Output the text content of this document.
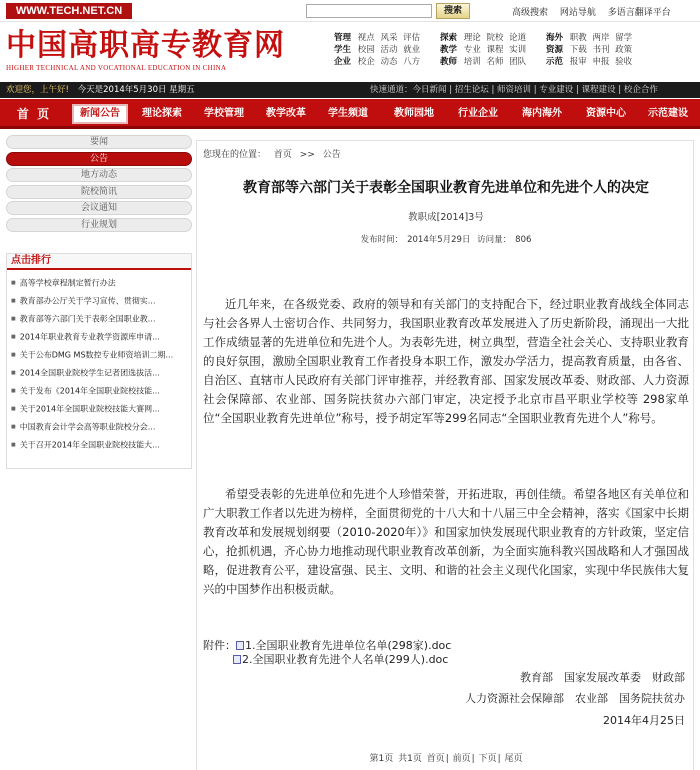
WWW.TECH.NET.CN	搜索	高级搜索 网站导航 多语言翻译平台
中国高职高专教育网
HIGHER TECHNICAL AND VOCATIONAL EDUCATION IN CHINA
管理 视点 风采 评估	探索 理论 院校 论道	海外 职教 两岸 留学
学生 校园 活动 就业	教学 专业 课程 实训	资源 下载 书刊 政策
企业 校企 动态 八方	教师 培训 名师 团队	示范 报审 申报 验收
欢迎您，上午好! 今天是2014年5月30日 星期五	快速通道：今日新闻 | 招生论坛 | 师资培训 | 专业建设 | 课程建设 | 校企合作
首 页	新闻公告	理论探索	学校管理	教学改革	学生频道	教师园地	行业企业	海内海外	资源中心	示范建设
要闻
公告
地方动态
院校简讯
会议通知
行业规划
点击排行
■ 高等学校章程制定暂行办法
■ 教育部办公厅关于学习宣传、贯彻实...
■ 教育部等六部门关于表彰全国职业教...
■ 2014年职业教育专业教学资源库申请...
■ 关于公布DMG MS数控专业师资培训二期...
■ 2014全国职业院校学生记者团选拔活...
■ 关于发布《2014年全国职业院校技能...
■ 关于2014年全国职业院校技能大赛网...
■ 中国教育会计学会高等职业院校分会...
■ 关于召开2014年全国职业院校技能大...
您现在的位置： 首页 >> 公告
教育部等六部门关于表彰全国职业教育先进单位和先进个人的决定
教职成[2014]3号
发布时间： 2014年5月29日 访问量： 806

近几年来，在各级党委、政府的领导和有关部门的支持配合下，经过职业教育战线全体同志与社会各界人士密切合作、共同努力，我国职业教育改革发展进入了历史新阶段，涌现出一大批工作成绩显著的先进单位和先进个人。为表彰先进，树立典型，营造全社会关心、支持职业教育的良好氛围，激励全国职业教育工作者投身本职工作，激发办学活力，提高教育质量，由各省、自治区、直辖市人民政府有关部门评审推荐，并经教育部、国家发展改革委、财政部、人力资源社会保障部、农业部、国务院扶贫办六部门审定，决定授予北京市昌平职业学校等 298家单位“全国职业教育先进单位”称号，授予胡定军等299名同志“全国职业教育先进个人”称号。

希望受表彰的先进单位和先进个人珍惜荣誉，开拓进取，再创佳绩。希望各地区有关单位和广大职教工作者以先进为榜样，全面贯彻党的十八大和十八届三中全会精神，落实《国家中长期教育改革和发展规划纲要（2010-2020年）》和国家加快发展现代职业教育的方针政策，坚定信心，抢抓机遇，齐心协力地推动现代职业教育改革创新，为全面实施科教兴国战略和人才强国战略，促进教育公平，建设富强、民主、文明、和谐的社会主义现代化国家，实现中华民族伟大复兴的中国梦作出积极贡献。

附件： 1.全国职业教育先进单位名单(298家).doc
2.全国职业教育先进个人名单(299人).doc
教育部　国家发展改革委　财政部
人力资源社会保障部　农业部　国务院扶贫办
2014年4月25日
第1页 共1页 首页| 前页| 下页| 尾页
